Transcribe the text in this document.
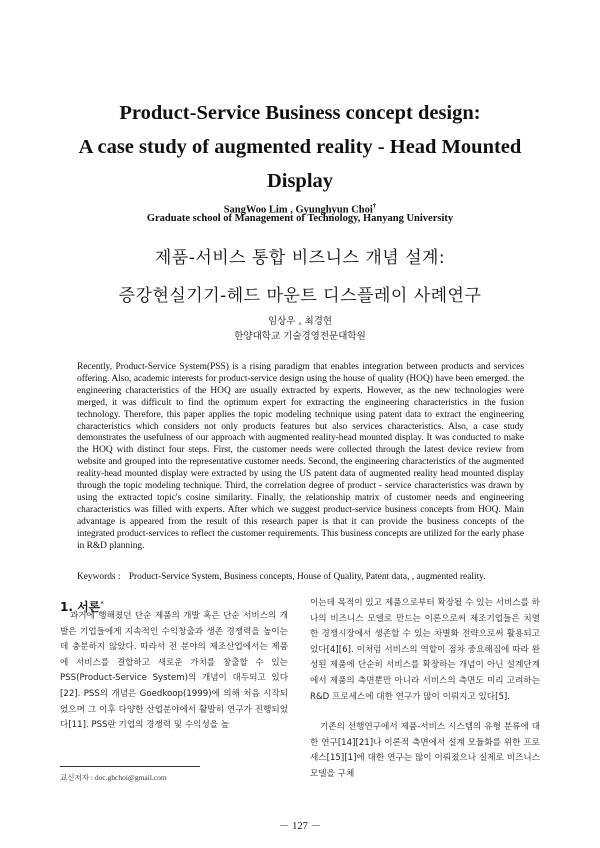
Product-Service Business concept design:
A case study of augmented reality - Head Mounted
Display
SangWoo Lim , Gyunghyun Choi†
Graduate school of Management of Technology, Hanyang University
제품-서비스 통합 비즈니스 개념 설계:
증강현실기기-헤드 마운트 디스플레이 사례연구
임상우 , 최경현
한양대학교 기술경영전문대학원
Recently, Product-Service System(PSS) is a rising paradigm that enables integration between products and services offering. Also, academic interests for product-service design using the house of quality (HOQ) have been emerged. the engineering characteristics of the HOQ are usually extracted by experts. However, as the new technologies were merged, it was difficult to find the optimum expert for extracting the engineering characteristics in the fusion technology. Therefore, this paper applies the topic modeling technique using patent data to extract the engineering characteristics which considers not only products features but also services characteristics. Also, a case study demonstrates the usefulness of our approach with augmented reality-head mounted display. It was conducted to make the HOQ with distinct four steps. First, the customer needs were collected through the latest device review from website and grouped into the representative customer needs. Second, the engineering characteristics of the augmented reality-head mounted display were extracted by using the US patent data of augmented reality head mounted display through the topic modeling technique. Third, the correlation degree of product - service characteristics was drawn by using the extracted topic's cosine similarity. Finally, the relationship matrix of customer needs and engineering characteristics was filled with experts. After which we suggest product-service business concepts from HOQ. Main advantage is appeared from the result of this research paper is that it can provide the business concepts of the integrated product-services to reflect the customer requirements. This business concepts are utilized for the early phase in R&D planning.
Keywords : Product-Service System, Business concepts, House of Quality, Patent data, , augmented reality.
1. 서론*

과거에 행해졌던 단순 제품의 개발 혹은 단순 서비스의 개발은 기업들에게 지속적인 수익창출과 생존 경쟁력을 높이는데 충분하지 않았다. 따라서 전 분야의 제조산업에서는 제품에 서비스를 결합하고 새로운 가치를 창출할 수 있는 PSS(Product-Service System)의 개념이 대두되고 있다[22]. PSS의 개념은 Goedkoop(1999)에 의해 처음 시작되었으며 그 이후 다양한 산업분야에서 활발히 연구가 진행되었다[11]. PSS란 기업의 경쟁력 및 수익성을 높

이는데 목적이 있고 제품으로부터 확장될 수 있는 서비스를 하나의 비즈니스 모델로 만드는 이론으로써 제조기업들은 치열한 경쟁시장에서 생존할 수 있는 차별화 전략으로써 활용되고 있다[4][6]. 이처럼 서비스의 역할이 점차 중요해짐에 따라 완성된 제품에 단순히 서비스를 확장하는 개념이 아닌 설계단계에서 제품의 측면뿐만 아니라 서비스의 측면도 미리 고려하는 R&D 프로세스에 대한 연구가 많이 이뤄지고 있다[5].

기존의 선행연구에서 제품-서비스 시스템의 유형 분류에 대한 연구[14][21]나 이론적 측면에서 설계 모듈화를 위한 프로세스[15][1]에 대한 연구는 많이 이뤄졌으나 실제로 비즈니스 모델을 구체

교신저자 : doc.ghchoi@gmail.com
－ 127 －
